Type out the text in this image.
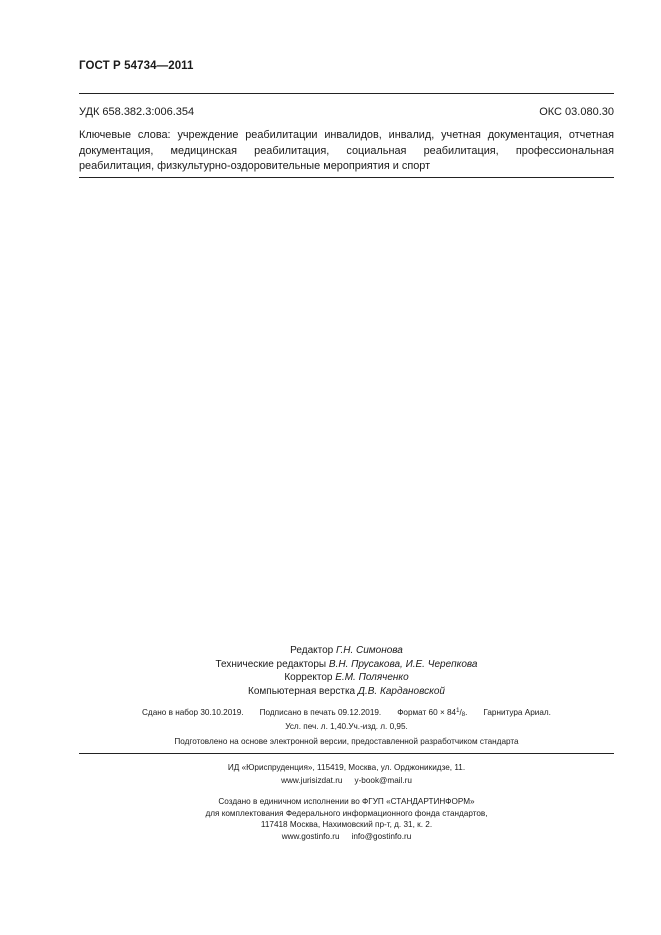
ГОСТ Р 54734—2011
УДК 658.382.3:006.354	ОКС 03.080.30
Ключевые слова: учреждение реабилитации инвалидов, инвалид, учетная документация, отчетная документация, медицинская реабилитация, социальная реабилитация, профессиональная реабилитация, физкультурно-оздоровительные мероприятия и спорт
Редактор Г.Н. Симонова
Технические редакторы В.Н. Прусакова, И.Е. Черепкова
Корректор Е.М. Поляченко
Компьютерная верстка Д.В. Кардановской
Сдано в набор 30.10.2019. Подписано в печать 09.12.2019. Формат $60 \times 84^1/_8$. Гарнитура Ариал.
Усл. печ. л. 1,40.Уч.-изд. л. 0,95.
Подготовлено на основе электронной версии, предоставленной разработчиком стандарта
ИД «Юриспруденция», 115419, Москва, ул. Орджоникидзе, 11.
www.jurisizdat.ru y-book@mail.ru
Создано в единичном исполнении во ФГУП «СТАНДАРТИНФОРМ»
для комплектования Федерального информационного фонда стандартов,
117418 Москва, Нахимовский пр-т, д. 31, к. 2.
www.gostinfo.ru info@gostinfo.ru
